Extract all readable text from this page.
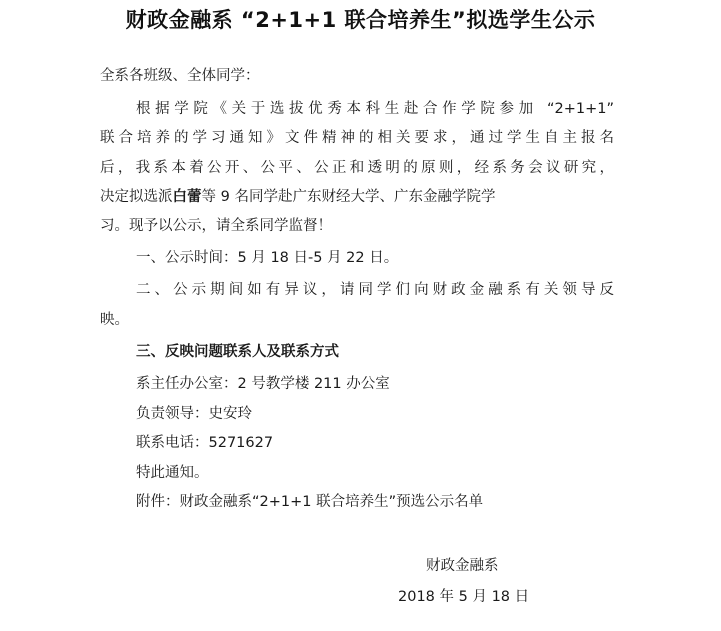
财政金融系 “2+1+1 联合培养生”拟选学生公示
全系各班级、全体同学：
根据学院《关于选拔优秀本科生赴合作学院参加 “2+1+1”
联合培养的学习通知》文件精神的相关要求，通过学生自主报名
后，我系本着公开、公平、公正和透明的原则，经系务会议研究，
决定拟选派白蕾等 9 名同学赴广东财经大学、广东金融学院学
习。现予以公示，请全系同学监督！
一、公示时间：5 月 18 日-5 月 22 日。
二、公示期间如有异议，请同学们向财政金融系有关领导反
映。
三、反映问题联系人及联系方式
系主任办公室：2 号教学楼 211 办公室
负责领导：史安玲
联系电话：5271627
特此通知。
附件：财政金融系“2+1+1 联合培养生”预选公示名单
财政金融系
2018 年 5 月 18 日
